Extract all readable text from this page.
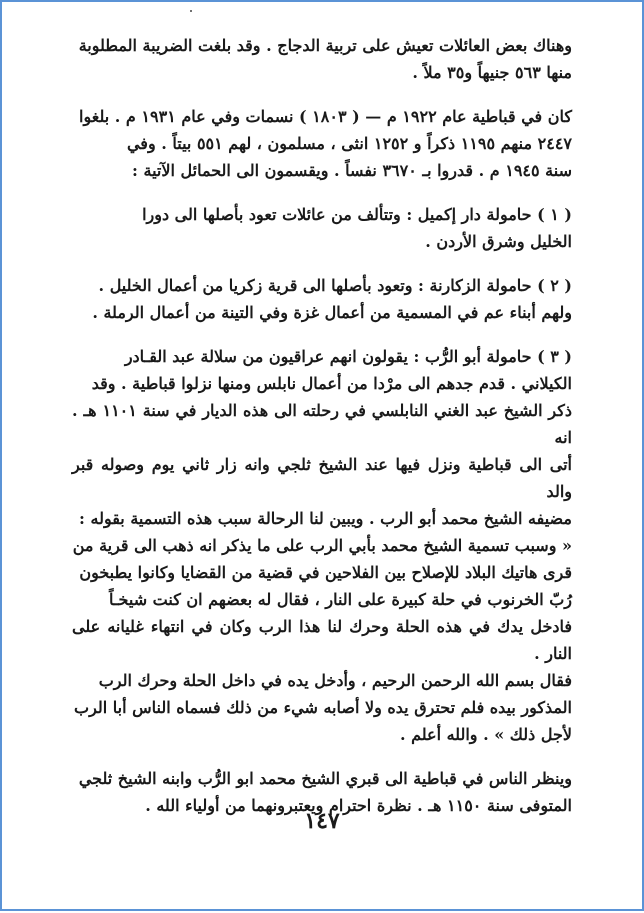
وهناك بعض العائلات تعيش على تربية الدجاج . وقد بلغت الضريبة المطلوبة
منها ٥٦٣ جنيهاً و٣٥ ملاً .

كان في قباطية عام ١٩٢٢ م — ( ١٨٠٣ ) نسمات وفي عام ١٩٣١ م . بلغوا
٢٤٤٧ منهم ١١٩٥ ذكراً و ١٢٥٢ انثى ، مسلمون ، لهم ٥٥١ بيتاً . وفي
سنة ١٩٤٥ م . قدروا بـ ٣٦٧٠ نفساً . ويقسمون الى الحمائل الآتية :

( ١ ) حامولة دار إكميل : وتتألف من عائلات تعود بأصلها الى دورا
الخليل وشرق الأردن .

( ٢ ) حامولة الزكارنة : وتعود بأصلها الى قرية زكريا من أعمال الخليل .
ولهم أبناء عم في المسمية من أعمال غزة وفي التينة من أعمال الرملة .

( ٣ ) حامولة أبو الرُّب : يقولون انهم عراقيون من سلالة عبد القـادر
الكيلاني . قدم جدهم الى مرْدا من أعمال نابلس ومنها نزلوا قباطية . وقد
ذكر الشيخ عبد الغني النابلسي في رحلته الى هذه الديار في سنة ١١٠١ هـ . انه
أتى الى قباطية ونزل فيها عند الشيخ ثلجي وانه زار ثاني يوم وصوله قبر والد
مضيفه الشيخ محمد أبو الرب . ويبين لنا الرحالة سبب هذه التسمية بقوله :
« وسبب تسمية الشيخ محمد بأبي الرب على ما يذكر انه ذهب الى قرية من
قرى هاتيك البلاد للإصلاح بين الفلاحين في قضية من القضايا وكانوا يطبخون
رُبّ الخرنوب في حلة كبيرة على النار ، فقال له بعضهم ان كنت شيخـاً
فادخل يدك في هذه الحلة وحرك لنا هذا الرب وكان في انتهاء غليانه على النار .
فقال بسم الله الرحمن الرحيم ، وأدخل يده في داخل الحلة وحرك الرب
المذكور بيده فلم تحترق يده ولا أصابه شيء من ذلك فسماه الناس أبا الرب
لأجل ذلك » . والله أعلم .

وينظر الناس في قباطية الى قبري الشيخ محمد ابو الرُّب وابنه الشيخ ثلجي
المتوفى سنة ١١٥٠ هـ . نظرة احترام ويعتبرونهما من أولياء الله .

١٤٧
